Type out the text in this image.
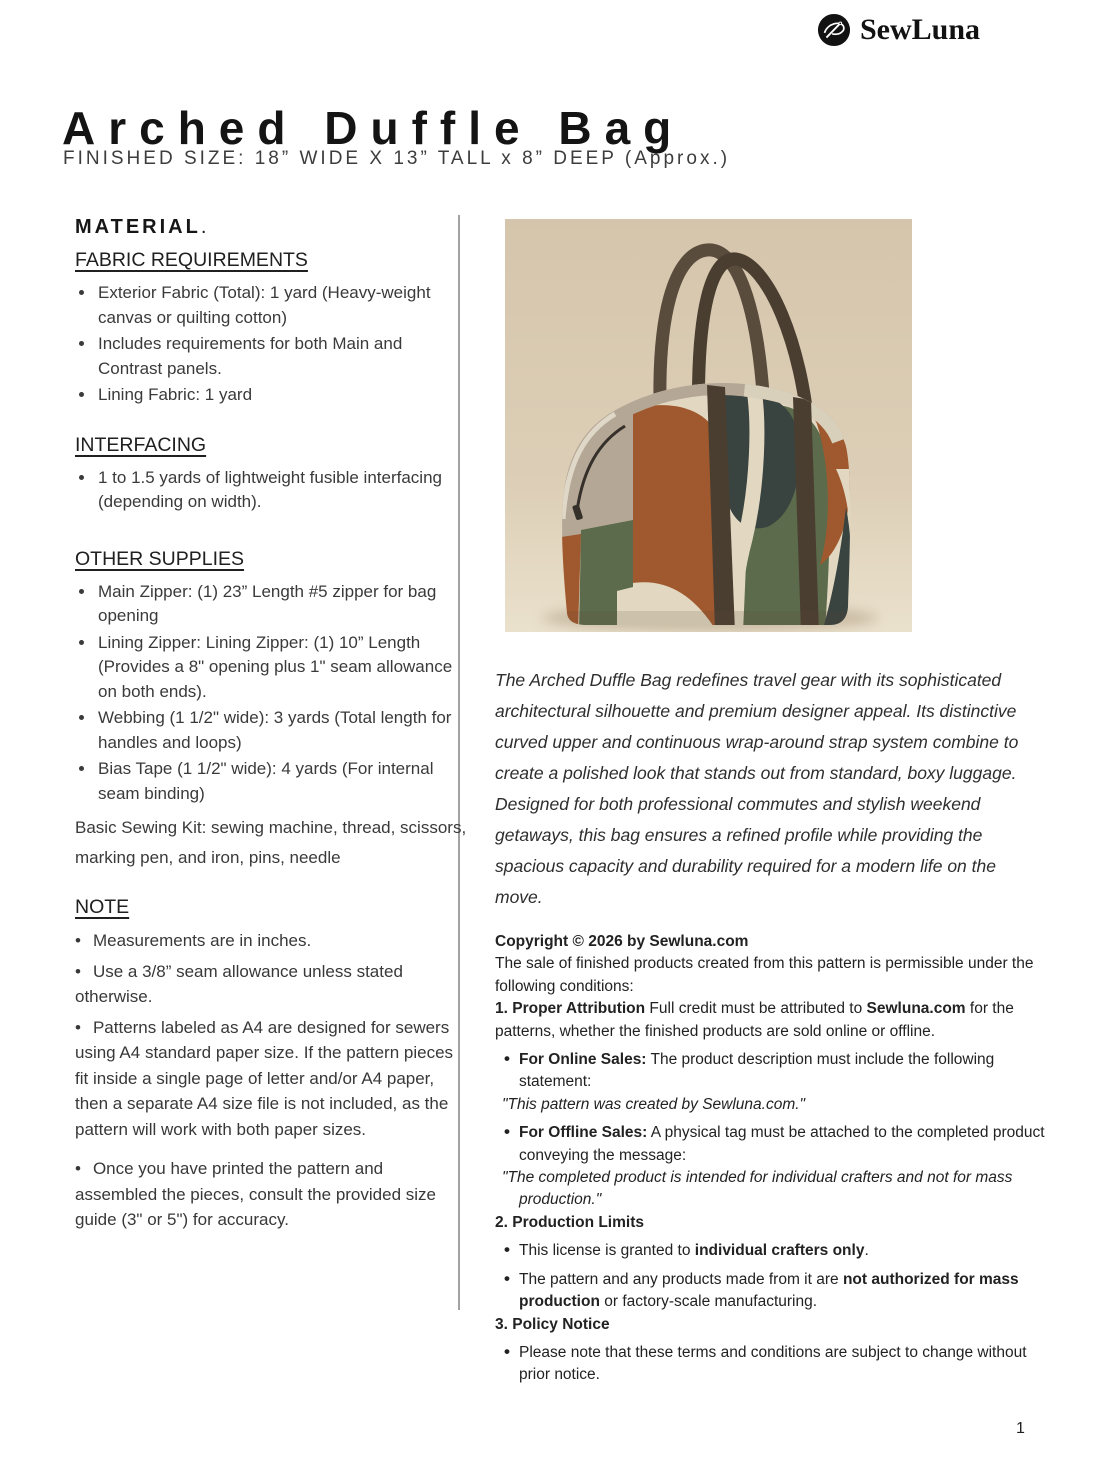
SewLuna
Arched Duffle Bag
FINISHED SIZE: 18” WIDE X 13” TALL x 8” DEEP (Approx.)
MATERIAL.
FABRIC REQUIREMENTS
• Exterior Fabric (Total): 1 yard (Heavy-weight canvas or quilting cotton)
• Includes requirements for both Main and Contrast panels.
• Lining Fabric: 1 yard
INTERFACING
• 1 to 1.5 yards of lightweight fusible interfacing (depending on width).
OTHER SUPPLIES
• Main Zipper: (1) 23” Length #5 zipper for bag opening
• Lining Zipper: Lining Zipper: (1) 10” Length (Provides a 8" opening plus 1" seam allowance on both ends).
• Webbing (1 1/2" wide): 3 yards (Total length for handles and loops)
• Bias Tape (1 1/2" wide): 4 yards (For internal seam binding)

Basic Sewing Kit: sewing machine, thread, scissors, marking pen, and iron, pins, needle

NOTE

• Measurements are in inches.

• Use a 3/8” seam allowance unless stated otherwise.

• Patterns labeled as A4 are designed for sewers using A4 standard paper size. If the pattern pieces fit inside a single page of letter and/or A4 paper, then a separate A4 size file is not included, as the pattern will work with both paper sizes.

• Once you have printed the pattern and assembled the pieces, consult the provided size guide (3" or 5") for accuracy.

The Arched Duffle Bag redefines travel gear with its sophisticated architectural silhouette and premium designer appeal. Its distinctive curved upper and continuous wrap-around strap system combine to create a polished look that stands out from standard, boxy luggage. Designed for both professional commutes and stylish weekend getaways, this bag ensures a refined profile while providing the spacious capacity and durability required for a modern life on the move.

Copyright © 2026 by Sewluna.com

The sale of finished products created from this pattern is permissible under the following conditions:

1. Proper Attribution Full credit must be attributed to Sewluna.com for the patterns, whether the finished products are sold online or offline.

• For Online Sales: The product description must include the following statement:

"This pattern was created by Sewluna.com."

• For Offline Sales: A physical tag must be attached to the completed product conveying the message:

"The completed product is intended for individual crafters and not for mass production."

2. Production Limits

• This license is granted to individual crafters only.

• The pattern and any products made from it are not authorized for mass production or factory-scale manufacturing.

3. Policy Notice

• Please note that these terms and conditions are subject to change without prior notice.

1
